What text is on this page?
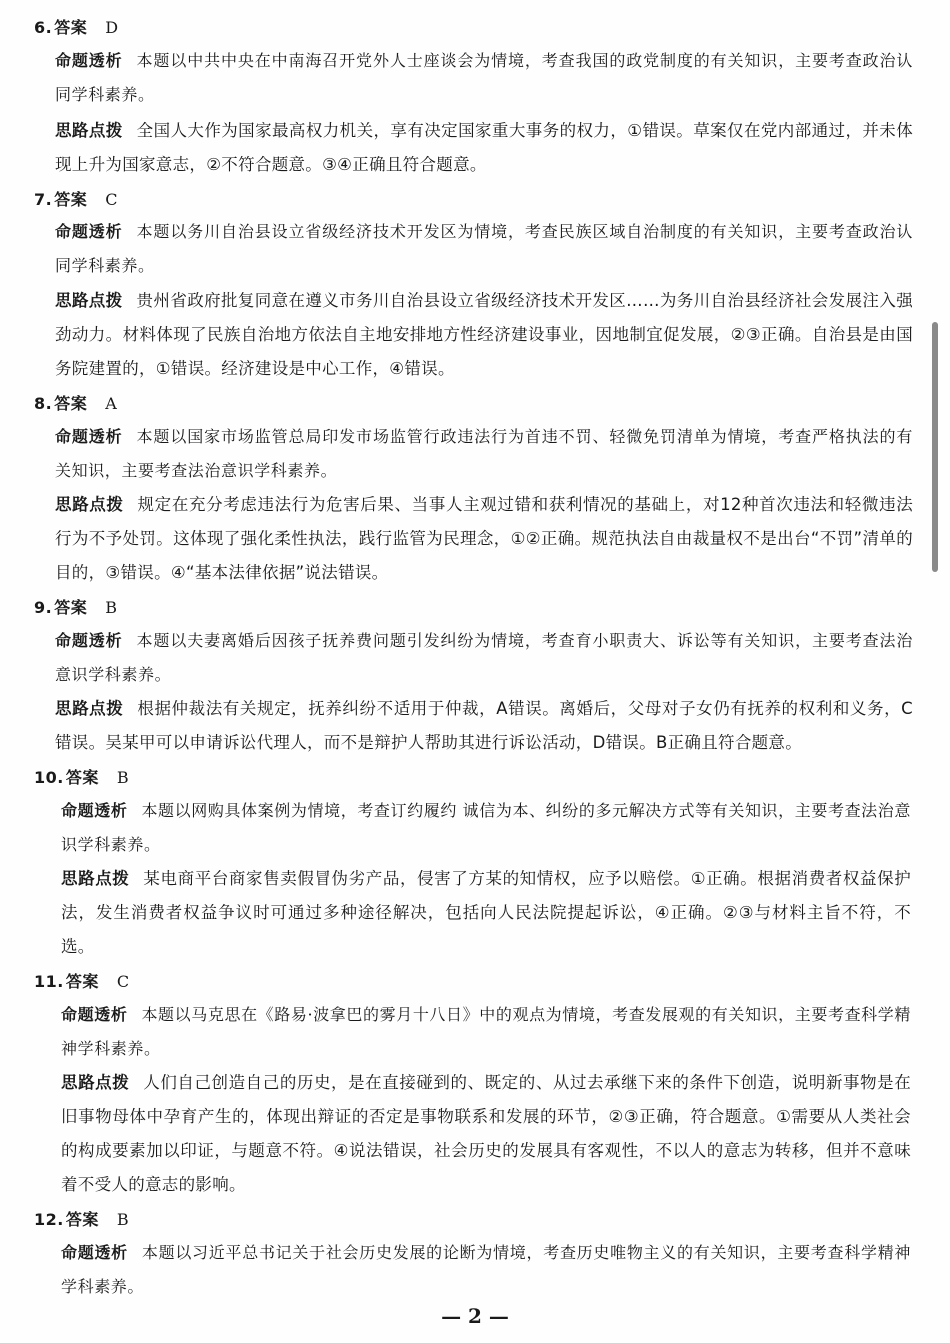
6. 答案 D
命题透析 本题以中共中央在中南海召开党外人士座谈会为情境，考查我国的政党制度的有关知识，主要考查政治认同学科素养。
思路点拨 全国人大作为国家最高权力机关，享有决定国家重大事务的权力，①错误。草案仅在党内部通过，并未体现上升为国家意志，②不符合题意。③④正确且符合题意。
7. 答案 C
命题透析 本题以务川自治县设立省级经济技术开发区为情境，考查民族区域自治制度的有关知识，主要考查政治认同学科素养。
思路点拨 贵州省政府批复同意在遵义市务川自治县设立省级经济技术开发区……为务川自治县经济社会发展注入强劲动力。材料体现了民族自治地方依法自主地安排地方性经济建设事业，因地制宜促发展，②③正确。自治县是由国务院建置的，①错误。经济建设是中心工作，④错误。
8. 答案 A
命题透析 本题以国家市场监管总局印发市场监管行政违法行为首违不罚、轻微免罚清单为情境，考查严格执法的有关知识，主要考查法治意识学科素养。
思路点拨 规定在充分考虑违法行为危害后果、当事人主观过错和获利情况的基础上，对12种首次违法和轻微违法行为不予处罚。这体现了强化柔性执法，践行监管为民理念，①②正确。规范执法自由裁量权不是出台“不罚”清单的目的，③错误。④“基本法律依据”说法错误。
9. 答案 B
命题透析 本题以夫妻离婚后因孩子抚养费问题引发纠纷为情境，考查育小职责大、诉讼等有关知识，主要考查法治意识学科素养。
思路点拨 根据仲裁法有关规定，抚养纠纷不适用于仲裁，A错误。离婚后，父母对子女仍有抚养的权利和义务，C错误。吴某甲可以申请诉讼代理人，而不是辩护人帮助其进行诉讼活动，D错误。B正确且符合题意。
10. 答案 B
命题透析 本题以网购具体案例为情境，考查订约履约 诚信为本、纠纷的多元解决方式等有关知识，主要考查法治意识学科素养。
思路点拨 某电商平台商家售卖假冒伪劣产品，侵害了方某的知情权，应予以赔偿。①正确。根据消费者权益保护法，发生消费者权益争议时可通过多种途径解决，包括向人民法院提起诉讼，④正确。②③与材料主旨不符，不选。
11. 答案 C
命题透析 本题以马克思在《路易·波拿巴的雾月十八日》中的观点为情境，考查发展观的有关知识，主要考查科学精神学科素养。
思路点拨 人们自己创造自己的历史，是在直接碰到的、既定的、从过去承继下来的条件下创造，说明新事物是在旧事物母体中孕育产生的，体现出辩证的否定是事物联系和发展的环节，②③正确，符合题意。①需要从人类社会的构成要素加以印证，与题意不符。④说法错误，社会历史的发展具有客观性，不以人的意志为转移，但并不意味着不受人的意志的影响。
12. 答案 B
命题透析 本题以习近平总书记关于社会历史发展的论断为情境，考查历史唯物主义的有关知识，主要考查科学精神学科素养。
— 2 —
